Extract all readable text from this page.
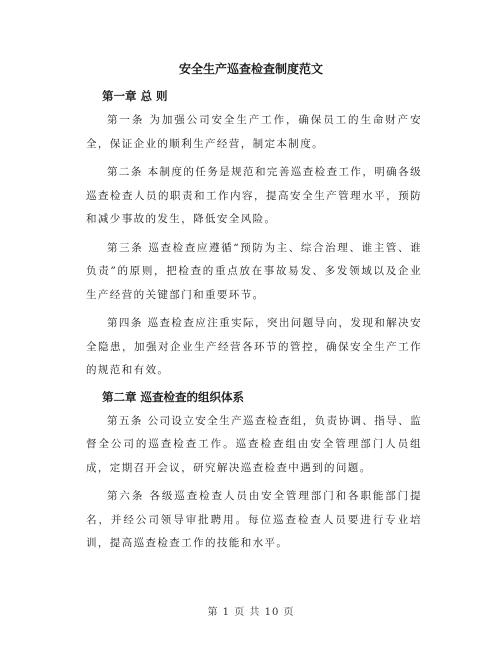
安全生产巡查检查制度范文
第一章 总 则

第一条 为加强公司安全生产工作，确保员工的生命财产安全，保证企业的顺利生产经营，制定本制度。

第二条 本制度的任务是规范和完善巡查检查工作，明确各级巡查检查人员的职责和工作内容，提高安全生产管理水平，预防和减少事故的发生，降低安全风险。

第三条 巡查检查应遵循“预防为主、综合治理、谁主管、谁负责”的原则，把检查的重点放在事故易发、多发领域以及企业生产经营的关键部门和重要环节。

第四条 巡查检查应注重实际，突出问题导向，发现和解决安全隐患，加强对企业生产经营各环节的管控，确保安全生产工作的规范和有效。

第二章 巡查检查的组织体系

第五条 公司设立安全生产巡查检查组，负责协调、指导、监督全公司的巡查检查工作。巡查检查组由安全管理部门人员组成，定期召开会议，研究解决巡查检查中遇到的问题。

第六条 各级巡查检查人员由安全管理部门和各职能部门提名，并经公司领导审批聘用。每位巡查检查人员要进行专业培训，提高巡查检查工作的技能和水平。

第 1 页 共 10 页
